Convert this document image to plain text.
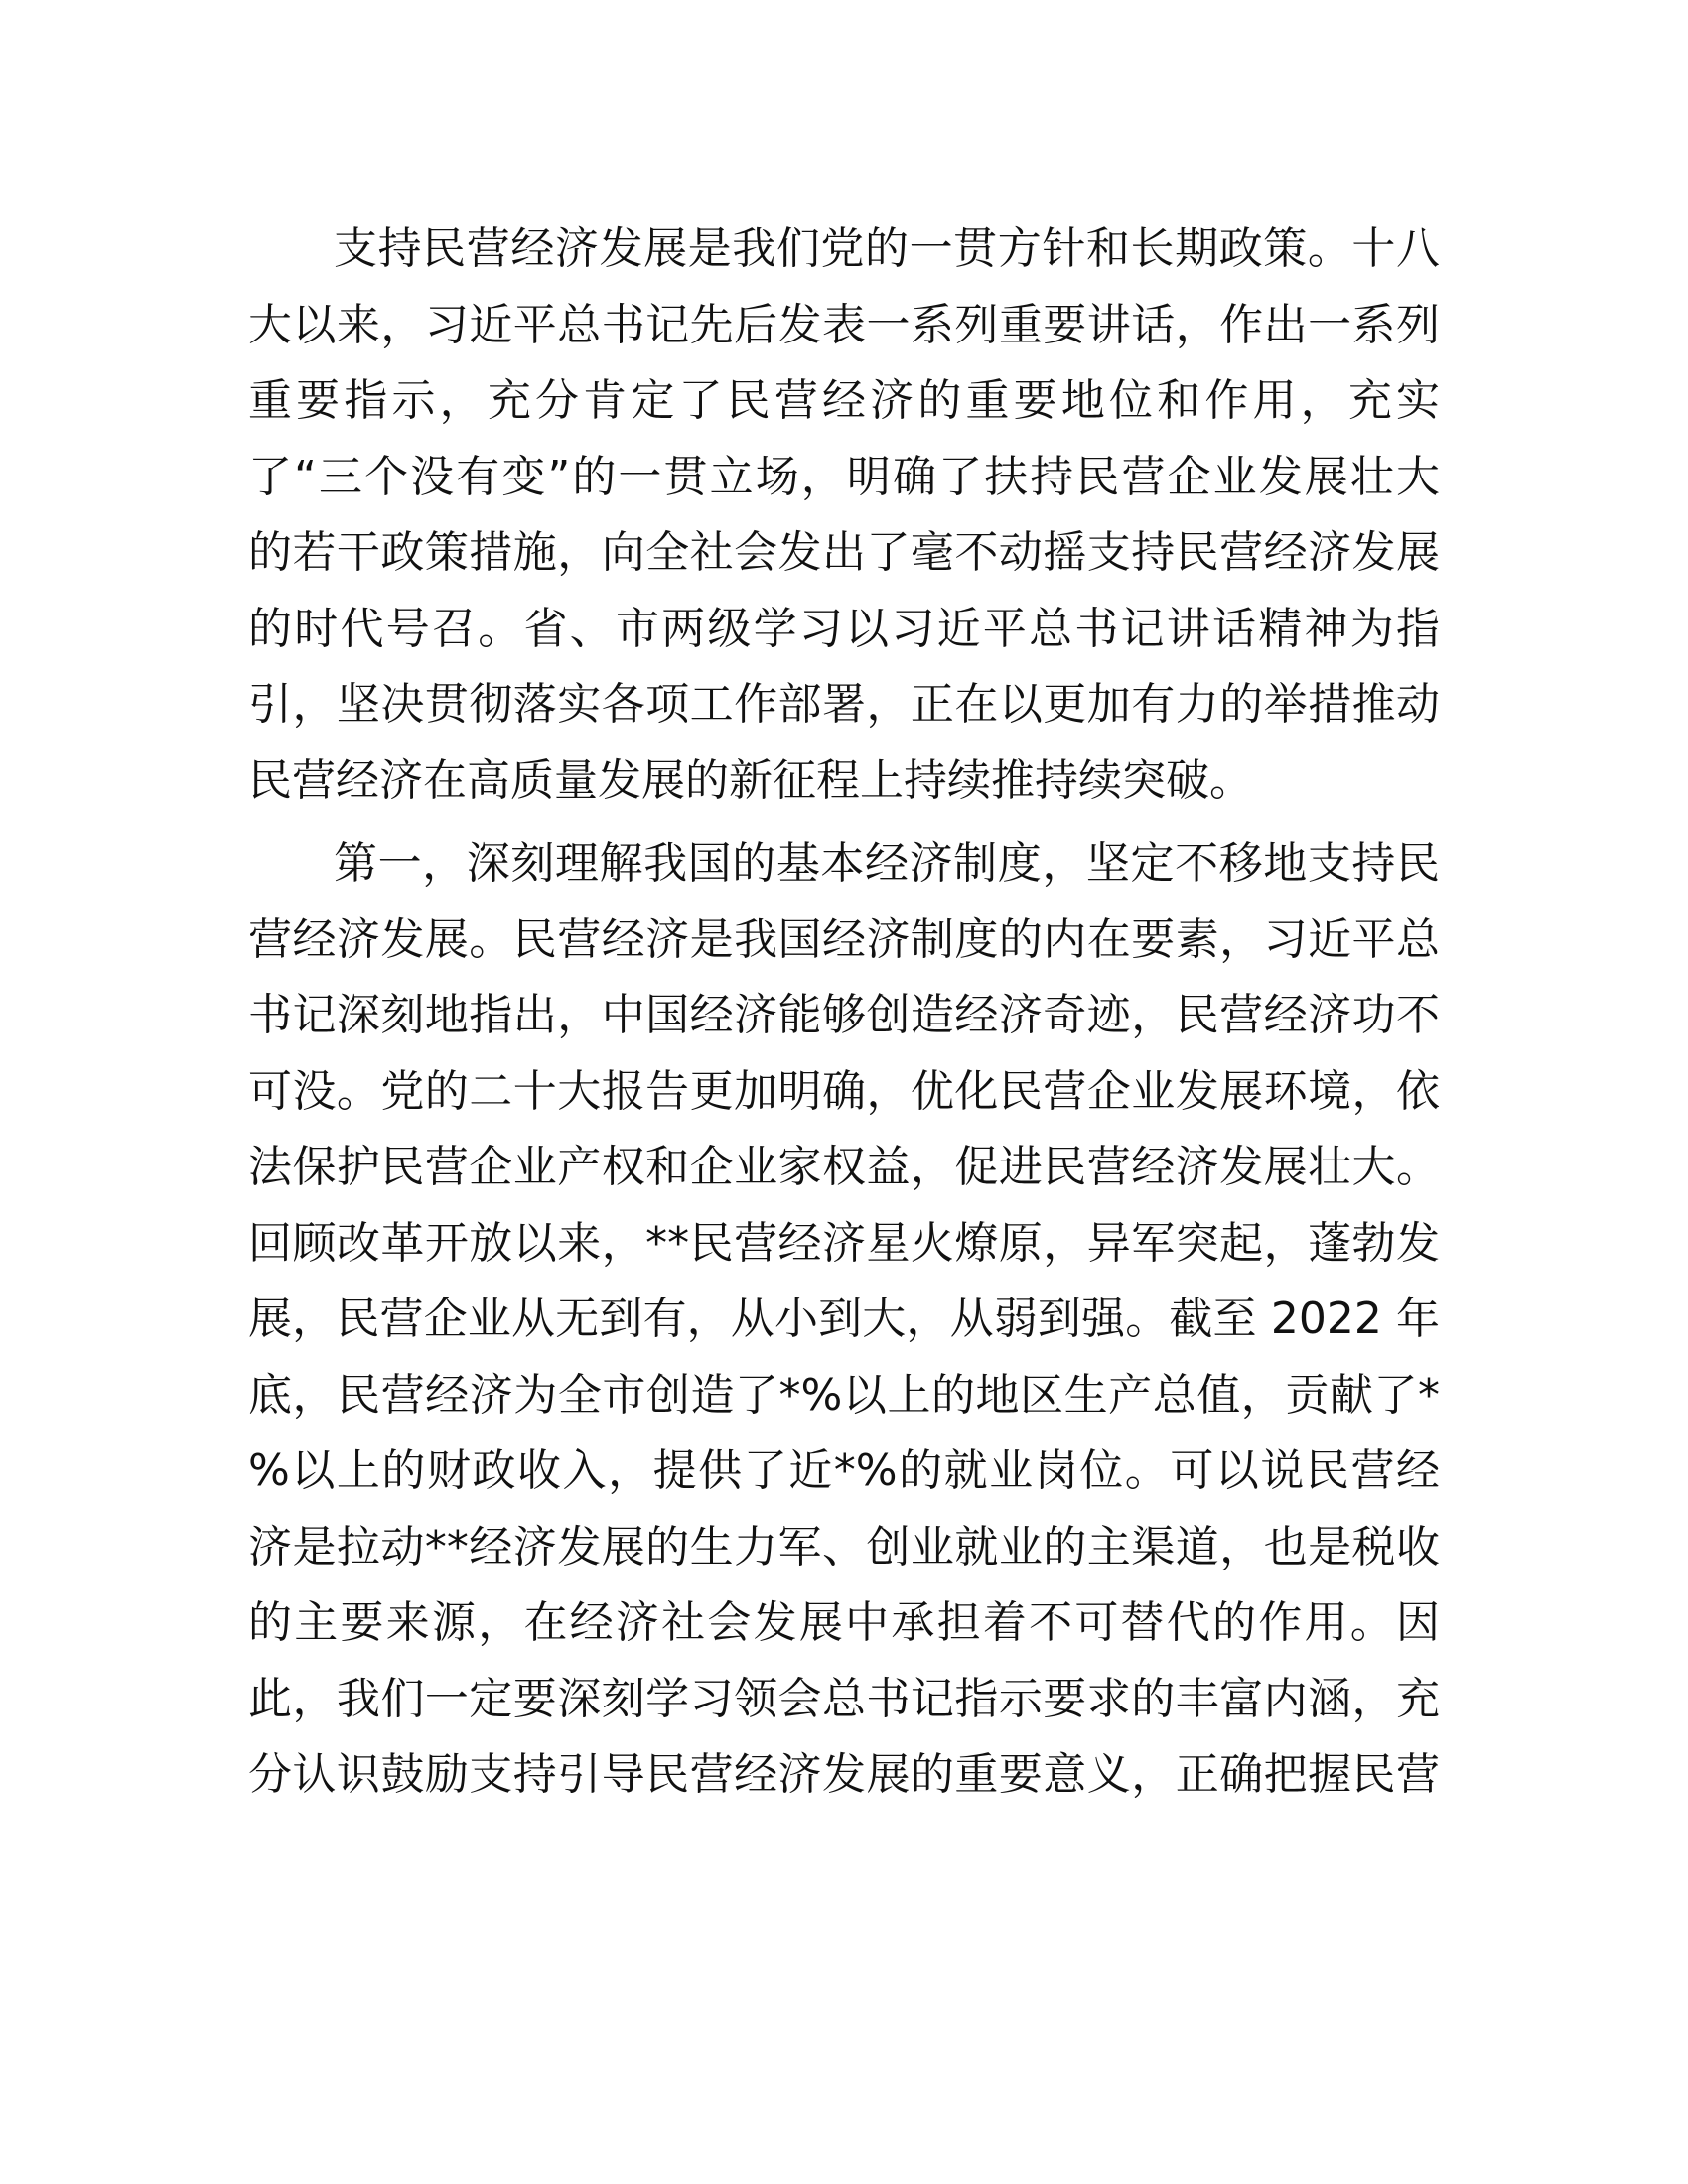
支持民营经济发展是我们党的一贯方针和长期政策。十八
大以来，习近平总书记先后发表一系列重要讲话，作出一系列
重要指示，充分肯定了民营经济的重要地位和作用，充实
了“三个没有变”的一贯立场，明确了扶持民营企业发展壮大
的若干政策措施，向全社会发出了毫不动摇支持民营经济发展
的时代号召。省、市两级学习以习近平总书记讲话精神为指
引，坚决贯彻落实各项工作部署，正在以更加有力的举措推动
民营经济在高质量发展的新征程上持续推持续突破。
第一，深刻理解我国的基本经济制度，坚定不移地支持民
营经济发展。民营经济是我国经济制度的内在要素，习近平总
书记深刻地指出，中国经济能够创造经济奇迹，民营经济功不
可没。党的二十大报告更加明确，优化民营企业发展环境，依
法保护民营企业产权和企业家权益，促进民营经济发展壮大。
回顾改革开放以来，**民营经济星火燎原，异军突起，蓬勃发
展，民营企业从无到有，从小到大，从弱到强。截至 2022 年
底，民营经济为全市创造了*%以上的地区生产总值，贡献了*
%以上的财政收入，提供了近*%的就业岗位。可以说民营经
济是拉动**经济发展的生力军、创业就业的主渠道，也是税收
的主要来源，在经济社会发展中承担着不可替代的作用。因
此，我们一定要深刻学习领会总书记指示要求的丰富内涵，充
分认识鼓励支持引导民营经济发展的重要意义，正确把握民营
